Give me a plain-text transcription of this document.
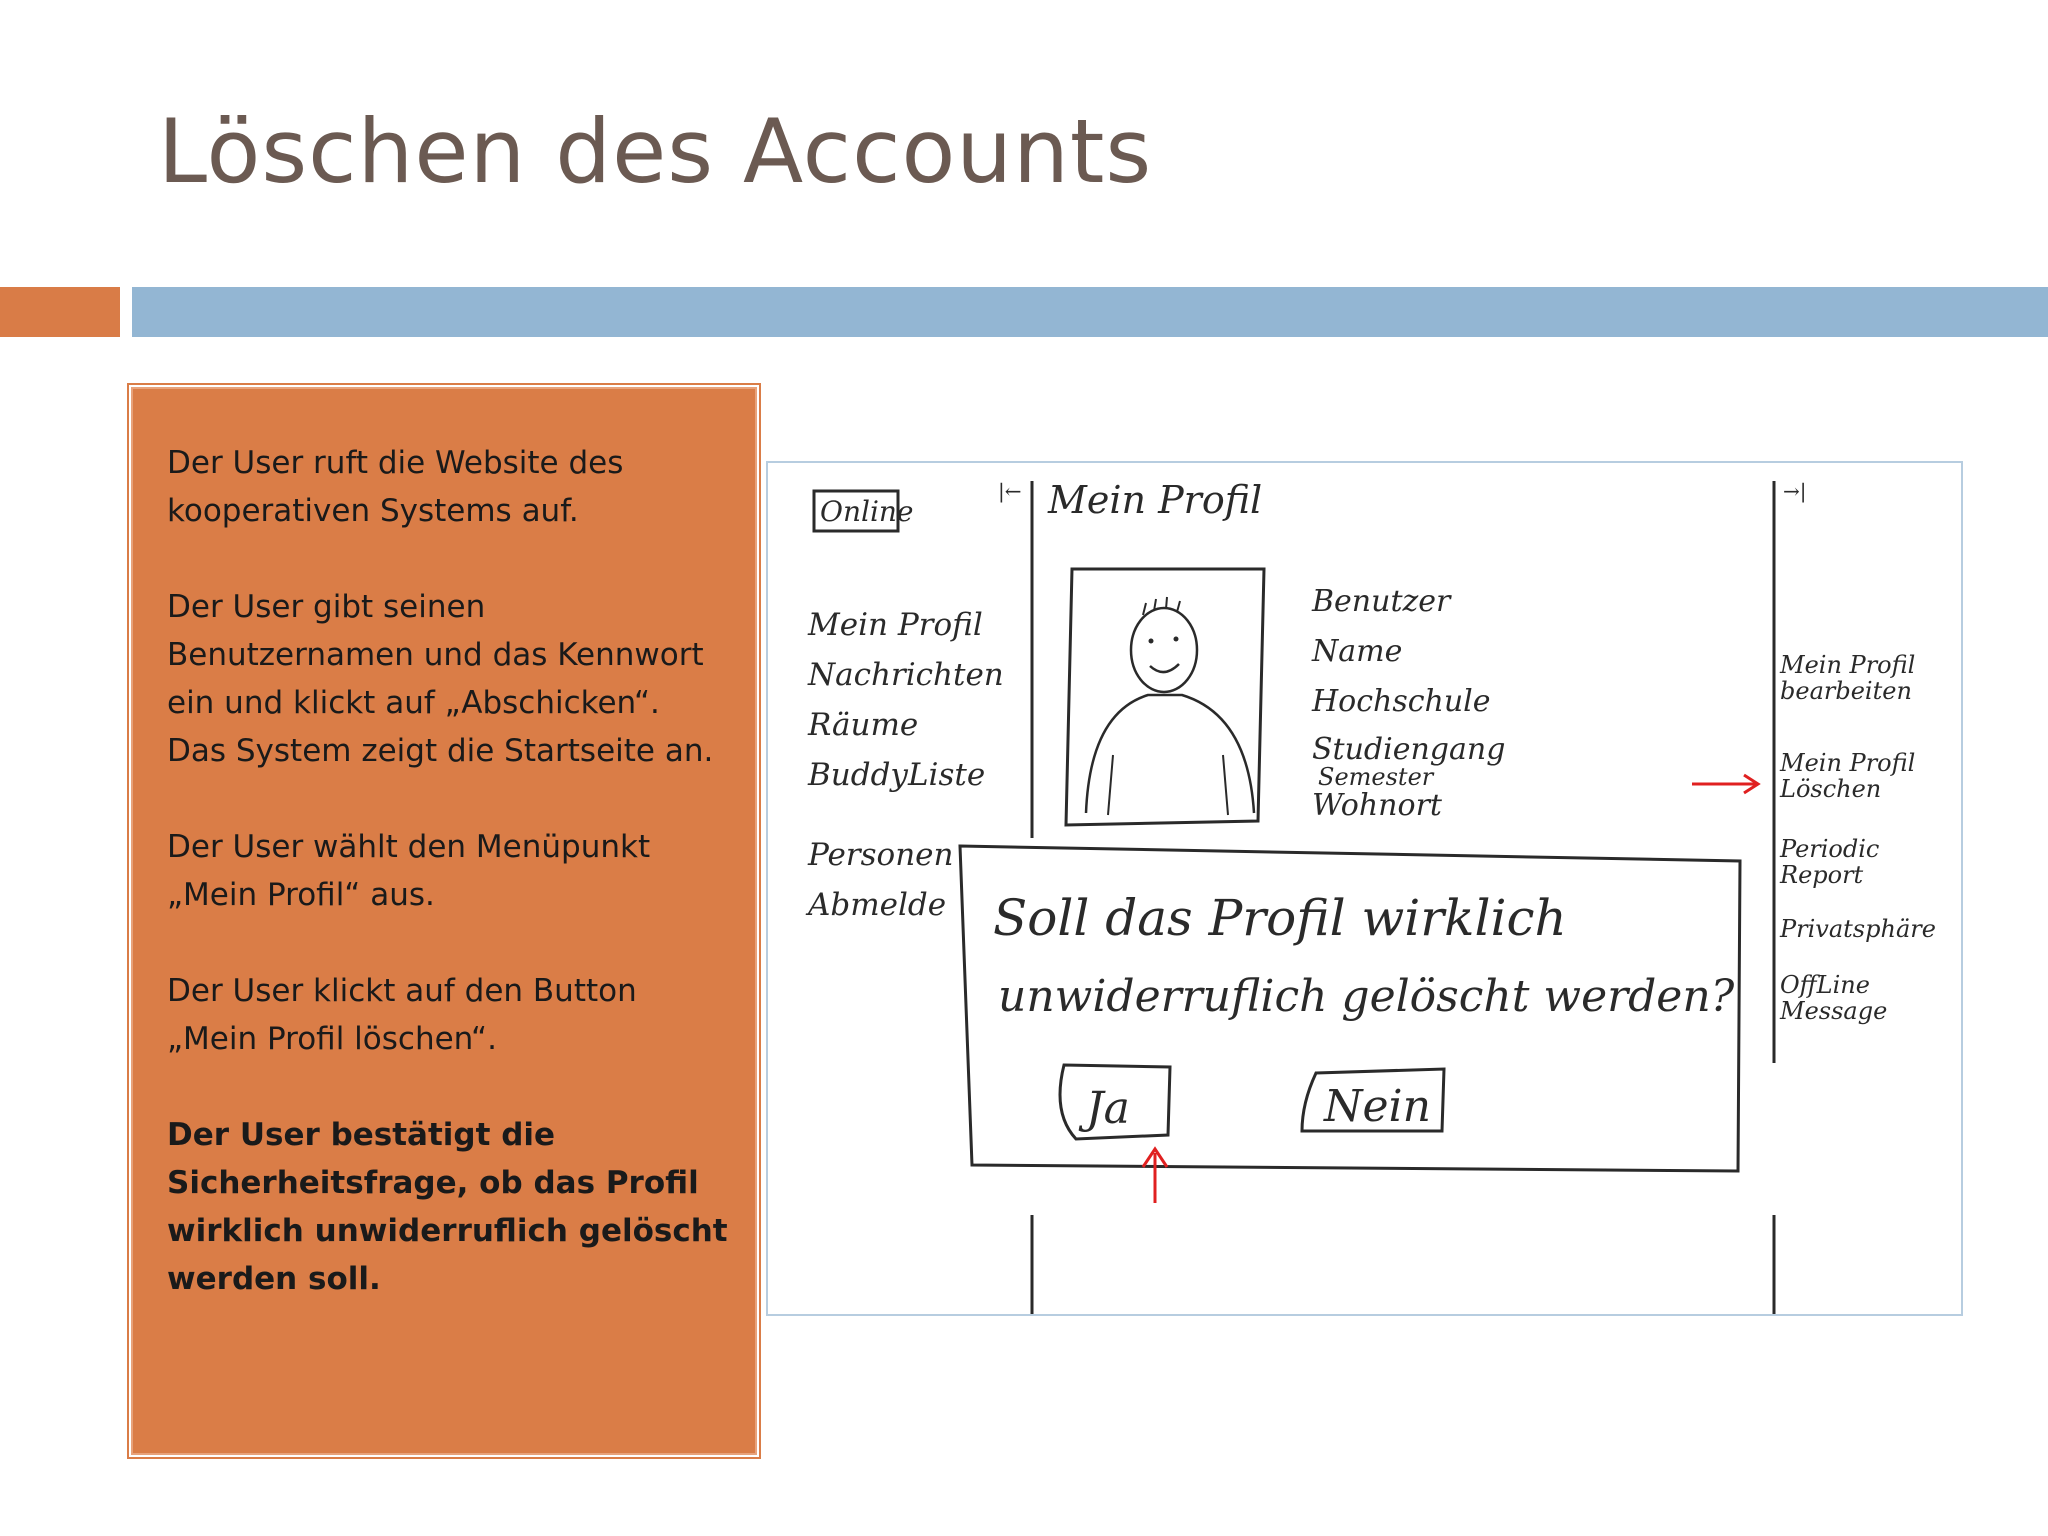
Löschen des Accounts

Der User ruft die Website des
kooperativen Systems auf.

Der User gibt seinen
Benutzernamen und das Kennwort
ein und klickt auf „Abschicken“.
Das System zeigt die Startseite an.

Der User wählt den Menüpunkt
„Mein Profil“ aus.

Der User klickt auf den Button
„Mein Profil löschen“.

Der User bestätigt die
Sicherheitsfrage, ob das Profil
wirklich unwiderruflich gelöscht
werden soll.

Online
|←	→|
Mein Profil
Mein Profil
Nachrichten
Räume
BuddyListe
Personen
Abmelde
Benutzer
Name
Hochschule
Studiengang
Semester
Wohnort
Mein Profil
bearbeiten
Mein Profil
Löschen
Periodic
Report
Privatsphäre
OffLine
Message
Soll das Profil wirklich
unwiderruflich gelöscht werden?
Ja	Nein
